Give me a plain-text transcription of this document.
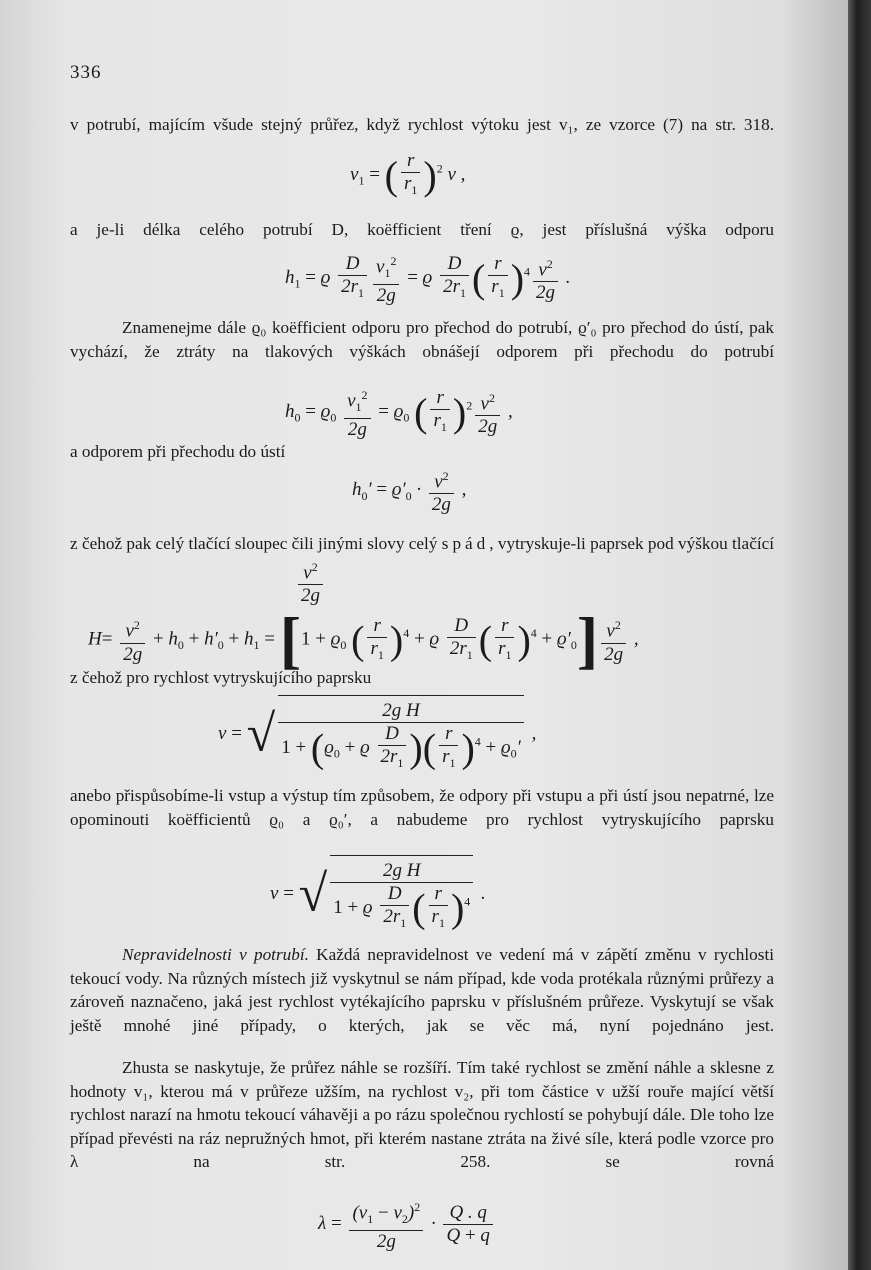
336
v potrubí, majícím všude stejný průřez, když rychlost výtoku jest v₁, ze vzorce (7) na str. 318.
$v_1$ = ( $\frac{r}{r_1} )^2$ v ,
a je-li délka celého potrubí D, koëfficient tření ϱ, jest příslušná výška odporu
$h_1 = ϱ \frac{D}{2r_1} \frac{v_1^2}{2g} = ϱ \frac{D}{2r_1}$ ( $\frac{r}{r_1} )^4 \frac{v^2}{2g}$ .
Znamenejme dále ϱ₀ koëfficient odporu pro přechod do potrubí, ϱ′₀ pro přechod do ústí, pak vychází, že ztráty na tlakových výškách obnášejí odporem při přechodu do potrubí
$h_0 = ϱ_0 \frac{v_1^2}{2g} = ϱ_0$ ( $\frac{r}{r_1} )^2 \frac{v^2}{2g}$ ,
a odporem při přechodu do ústí
$h_0' = ϱ'_0 \cdot \frac{v^2}{2g}$ ,
z čehož pak celý tlačící sloupec čili jinými slovy celý spád, vytryskuje-li paprsek pod výškou tlačící
$\frac{v^2}{2g}$
$H= \frac{v^2}{2g} + h_0 + h'_0 + h_1 = [1 + ϱ_0$ ( $\frac{r}{r_1} )^4 + ϱ \frac{D}{2r_1}$ ( $\frac{r}{r_1} )^4 + ϱ'_0] \frac{v^2}{2g}$ ,
z čehož pro rychlost vytryskujícího paprsku
v = √ $\frac{\text{2g H}}{1 + (ϱ_0 + ϱ \frac{D}{2r_1} )( \frac{r}{r_1} )^4 + ϱ_0'}$ ,
anebo přispůsobíme-li vstup a výstup tím způsobem, že odpory při vstupu a při ústí jsou nepatrné, lze opominouti koëfficientů ϱ₀ a ϱ₀′, a nabudeme pro rychlost vytryskujícího paprsku
v = √ $\frac{\text{2g H}}{1 + ϱ \frac{D}{2r_1} ( \frac{r}{r_1} )^4}$ .
Nepravidelnosti v potrubí. Každá nepravidelnost ve vedení má v zápětí změnu v rychlosti tekoucí vody. Na různých místech již vyskytnul se nám případ, kde voda protékala různými průřezy a zároveň naznačeno, jaká jest rychlost vytékajícího paprsku v příslušném průřeze. Vyskytují se však ještě mnohé jiné případy, o kterých, jak se věc má, nyní pojednáno jest.
Zhusta se naskytuje, že průřez náhle se rozšíří. Tím také rychlost se změní náhle a sklesne z hodnoty v₁, kterou má v průřeze užším, na rychlost v₂, při tom částice v užší rouře mající větší rychlost narazí na hmotu tekoucí váhavěji a po rázu společnou rychlostí se pohybují dále. Dle toho lze případ převésti na ráz nepružných hmot, při kterém nastane ztráta na živé síle, která podle vzorce pro λ na str. 258. se rovná
$\lambda = \frac{(v_1 - v_2)^2}{2g} \cdot \frac{Q . q}{Q + q}$
